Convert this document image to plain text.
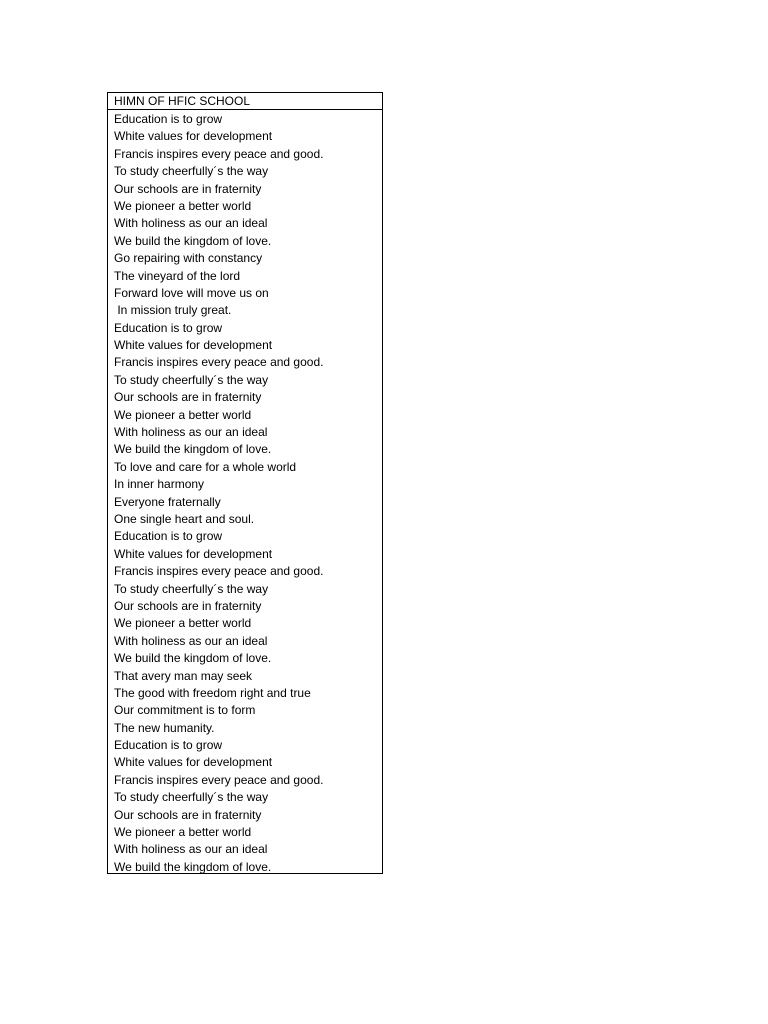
HIMN OF HFIC SCHOOL
Education is to grow
White values for development
Francis inspires every peace and good.
To study cheerfully´s the way
Our schools are in fraternity
We pioneer a better world
With holiness as our an ideal
We build the kingdom of love.
Go repairing with constancy
The vineyard of the lord
Forward love will move us on
In mission truly great.
Education is to grow
White values for development
Francis inspires every peace and good.
To study cheerfully´s the way
Our schools are in fraternity
We pioneer a better world
With holiness as our an ideal
We build the kingdom of love.
To love and care for a whole world
In inner harmony
Everyone fraternally
One single heart and soul.
Education is to grow
White values for development
Francis inspires every peace and good.
To study cheerfully´s the way
Our schools are in fraternity
We pioneer a better world
With holiness as our an ideal
We build the kingdom of love.
That avery man may seek
The good with freedom right and true
Our commitment is to form
The new humanity.
Education is to grow
White values for development
Francis inspires every peace and good.
To study cheerfully´s the way
Our schools are in fraternity
We pioneer a better world
With holiness as our an ideal
We build the kingdom of love.
